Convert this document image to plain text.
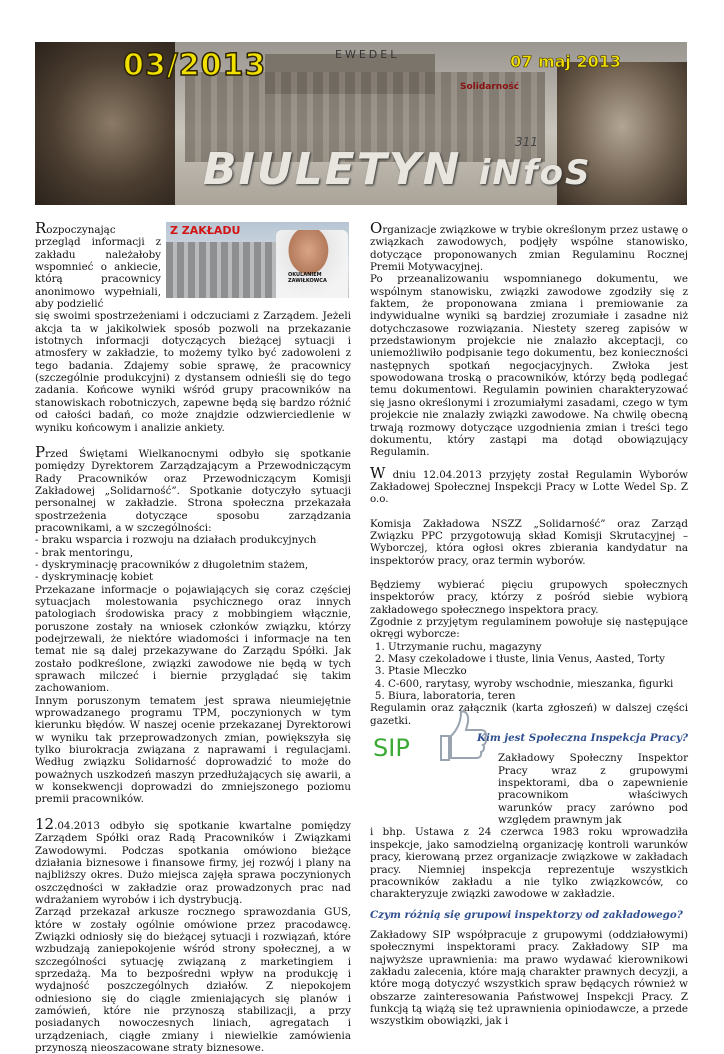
EWEDEL
Solidarność
03/2013	07 maj 2013
311
BIULETYN iNfoS
Z ZAKŁADU
OKULANIEM ZAWIŁKOWCA

Rozpoczynając przegląd informacji z zakładu należałoby wspomnieć o ankiecie, którą pracownicy anonimowo wypełniali, aby podzielić

się swoimi spostrzeżeniami i odczuciami z Zarządem. Jeżeli akcja ta w jakikolwiek sposób pozwoli na przekazanie istotnych informacji dotyczących bieżącej sytuacji i atmosfery w zakładzie, to możemy tylko być zadowoleni z tego badania. Zdajemy sobie sprawę, że pracownicy (szczególnie produkcyjni) z dystansem odnieśli się do tego zadania. Końcowe wyniki wśród grupy pracowników na stanowiskach robotniczych, zapewne będą się bardzo różnić od całości badań, co może znajdzie odzwierciedlenie w wyniku końcowym i analizie ankiety.

Przed Świętami Wielkanocnymi odbyło się spotkanie pomiędzy Dyrektorem Zarządzającym a Przewodniczącym Rady Pracowników oraz Przewodniczącym Komisji Zakładowej „Solidarność”. Spotkanie dotyczyło sytuacji personalnej w zakładzie. Strona społeczna przekazała spostrzeżenia dotyczące sposobu zarządzania pracownikami, a w szczególności:

- braku wsparcia i rozwoju na działach produkcyjnych

- brak mentoringu,

- dyskryminację pracowników z długoletnim stażem,

- dyskryminację kobiet

Przekazane informacje o pojawiających się coraz częściej sytuacjach molestowania psychicznego oraz innych patologiach środowiska pracy z mobbingiem włącznie, poruszone zostały na wniosek członków związku, którzy podejrzewali, że niektóre wiadomości i informacje na ten temat nie są dalej przekazywane do Zarządu Spółki. Jak zostało podkreślone, związki zawodowe nie będą w tych sprawach milczeć i biernie przyglądać się takim zachowaniom.

Innym poruszonym tematem jest sprawa nieumiejętnie wprowadzanego programu TPM, poczynionych w tym kierunku błędów. W naszej ocenie przekazanej Dyrektorowi w wyniku tak przeprowadzonych zmian, powiększyła się tylko biurokracja związana z naprawami i regulacjami. Według związku Solidarność doprowadzić to może do poważnych uszkodzeń maszyn przedłużających się awarii, a w konsekwencji doprowadzi do zmniejszonego poziomu premii pracowników.

12.04.2013 odbyło się spotkanie kwartalne pomiędzy Zarządem Spółki oraz Radą Pracowników i Związkami Zawodowymi. Podczas spotkania omówiono bieżące działania biznesowe i finansowe firmy, jej rozwój i plany na najbliższy okres. Dużo miejsca zajęła sprawa poczynionych oszczędności w zakładzie oraz prowadzonych prac nad wdrażaniem wyrobów i ich dystrybucją.

Zarząd przekazał arkusze rocznego sprawozdania GUS, które w zostały ogólnie omówione przez pracodawcę. Związki odniosły się do bieżącej sytuacji i rozwiązań, które wzbudzają zaniepokojenie wśród strony społecznej, a w szczególności sytuację związaną z marketingiem i sprzedażą. Ma to bezpośredni wpływ na produkcję i wydajność poszczególnych działów. Z niepokojem odniesiono się do ciągle zmieniających się planów i zamówień, które nie przynoszą stabilizacji, a przy posiadanych nowoczesnych liniach, agregatach i urządzeniach, ciągłe zmiany i niewielkie zamówienia przynoszą nieoszacowane straty biznesowe.

Organizacje związkowe w trybie określonym przez ustawę o związkach zawodowych, podjęły wspólne stanowisko, dotyczące proponowanych zmian Regulaminu Rocznej Premii Motywacyjnej.

Po przeanalizowaniu wspomnianego dokumentu, we wspólnym stanowisku, związki zawodowe zgodziły się z faktem, że proponowana zmiana i premiowanie za indywidualne wyniki są bardziej zrozumiałe i zasadne niż dotychczasowe rozwiązania. Niestety szereg zapisów w przedstawionym projekcie nie znalazło akceptacji, co uniemożliwiło podpisanie tego dokumentu, bez konieczności następnych spotkań negocjacyjnych. Zwłoka jest spowodowana troską o pracowników, którzy będą podlegać temu dokumentowi. Regulamin powinien charakteryzować się jasno określonymi i zrozumiałymi zasadami, czego w tym projekcie nie znalazły związki zawodowe. Na chwilę obecną trwają rozmowy dotyczące uzgodnienia zmian i treści tego dokumentu, który zastąpi ma dotąd obowiązujący Regulamin.

W dniu 12.04.2013 przyjęty został Regulamin Wyborów Zakładowej Społecznej Inspekcji Pracy w Lotte Wedel Sp. Z o.o.

Komisja Zakładowa NSZZ „Solidarność” oraz Zarząd Związku PPC przygotowują skład Komisji Skrutacyjnej – Wyborczej, która ogłosi okres zbierania kandydatur na inspektorów pracy, oraz termin wyborów.

Będziemy wybierać pięciu grupowych społecznych inspektorów pracy, którzy z pośród siebie wybiorą zakładowego społecznego inspektora pracy.

Zgodnie z przyjętym regulaminem powołuje się następujące okręgi wyborcze:

1. Utrzymanie ruchu, magazyny
2. Masy czekoladowe i tłuste, linia Venus, Aasted, Torty
3. Ptasie Mleczko
4. C-600, rarytasy, wyroby wschodnie, mieszanka, figurki
5. Biura, laboratoria, teren

Regulamin oraz załącznik (karta zgłoszeń) w dalszej części gazetki.

Kim jest Społeczna Inspekcja Pracy?

Zakładowy Społeczny Inspektor Pracy wraz z grupowymi inspektorami, dba o zapewnienie pracownikom właściwych warunków pracy zarówno pod względem prawnym jak

i bhp. Ustawa z 24 czerwca 1983 roku wprowadziła inspekcje, jako samodzielną organizację kontroli warunków pracy, kierowaną przez organizacje związkowe w zakładach pracy. Niemniej inspekcja reprezentuje wszystkich pracowników zakładu a nie tylko związkowców, co charakteryzuje związki zawodowe w zakładzie.

Czym różnią się grupowi inspektorzy od zakładowego?

Zakładowy SIP współpracuje z grupowymi (oddziałowymi) społecznymi inspektorami pracy. Zakładowy SIP ma najwyższe uprawnienia: ma prawo wydawać kierownikowi zakładu zalecenia, które mają charakter prawnych decyzji, a które mogą dotyczyć wszystkich spraw będących również w obszarze zainteresowania Państwowej Inspekcji Pracy. Z funkcją tą wiążą się też uprawnienia opiniodawcze, a przede wszystkim obowiązki, jak i

SIP
